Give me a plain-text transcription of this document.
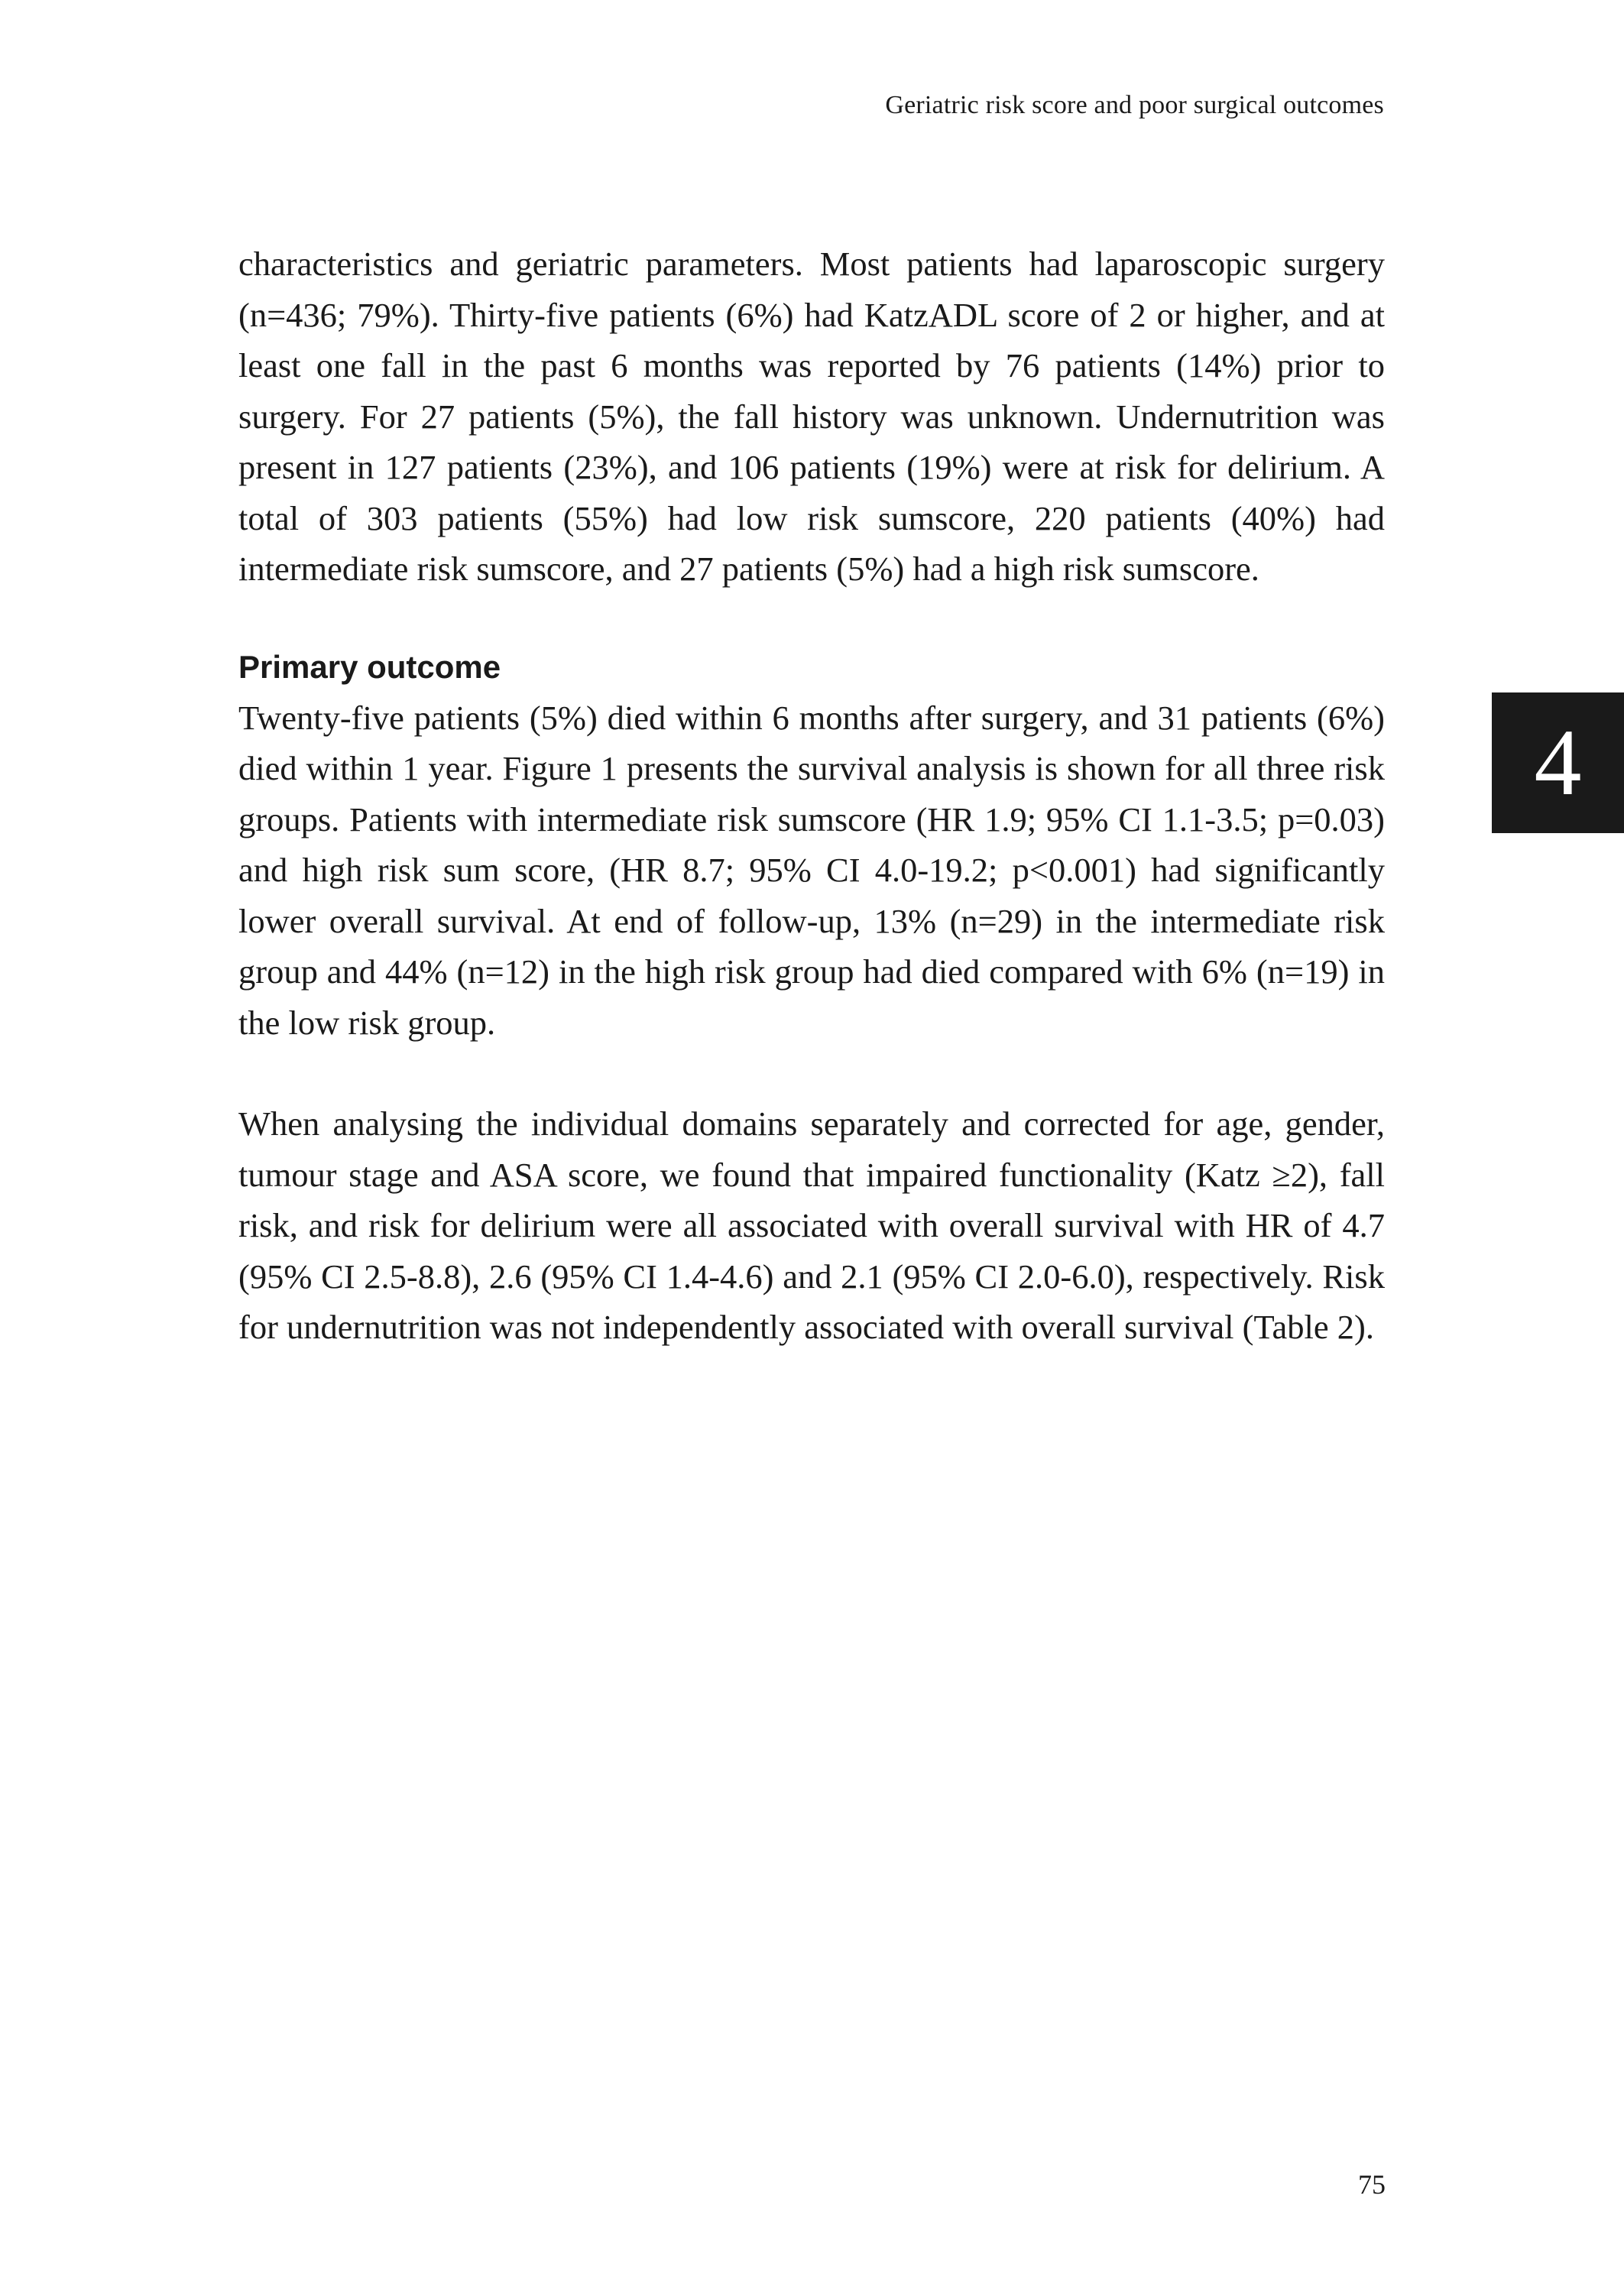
Geriatric risk score and poor surgical outcomes
4

characteristics and geriatric parameters. Most patients had laparoscopic surgery (n=436; 79%). Thirty-five patients (6%) had KatzADL score of 2 or higher, and at least one fall in the past 6 months was reported by 76 patients (14%) prior to surgery. For 27 patients (5%), the fall history was unknown. Undernutrition was present in 127 patients (23%), and 106 patients (19%) were at risk for delirium. A total of 303 patients (55%) had low risk sumscore, 220 patients (40%) had intermediate risk sumscore, and 27 patients (5%) had a high risk sumscore.

Primary outcome

Twenty-five patients (5%) died within 6 months after surgery, and 31 patients (6%) died within 1 year. Figure 1 presents the survival analysis is shown for all three risk groups. Patients with intermediate risk sumscore (HR 1.9; 95% CI 1.1-3.5; p=0.03) and high risk sum score, (HR 8.7; 95% CI 4.0-19.2; p<0.001) had significantly lower overall survival. At end of follow-up, 13% (n=29) in the intermediate risk group and 44% (n=12) in the high risk group had died compared with 6% (n=19) in the low risk group.

When analysing the individual domains separately and corrected for age, gender, tumour stage and ASA score, we found that impaired functionality (Katz ≥2), fall risk, and risk for delirium were all associated with overall survival with HR of 4.7 (95% CI 2.5-8.8), 2.6 (95% CI 1.4-4.6) and 2.1 (95% CI 2.0-6.0), respectively. Risk for undernutrition was not independently associated with overall survival (Table 2).

75
